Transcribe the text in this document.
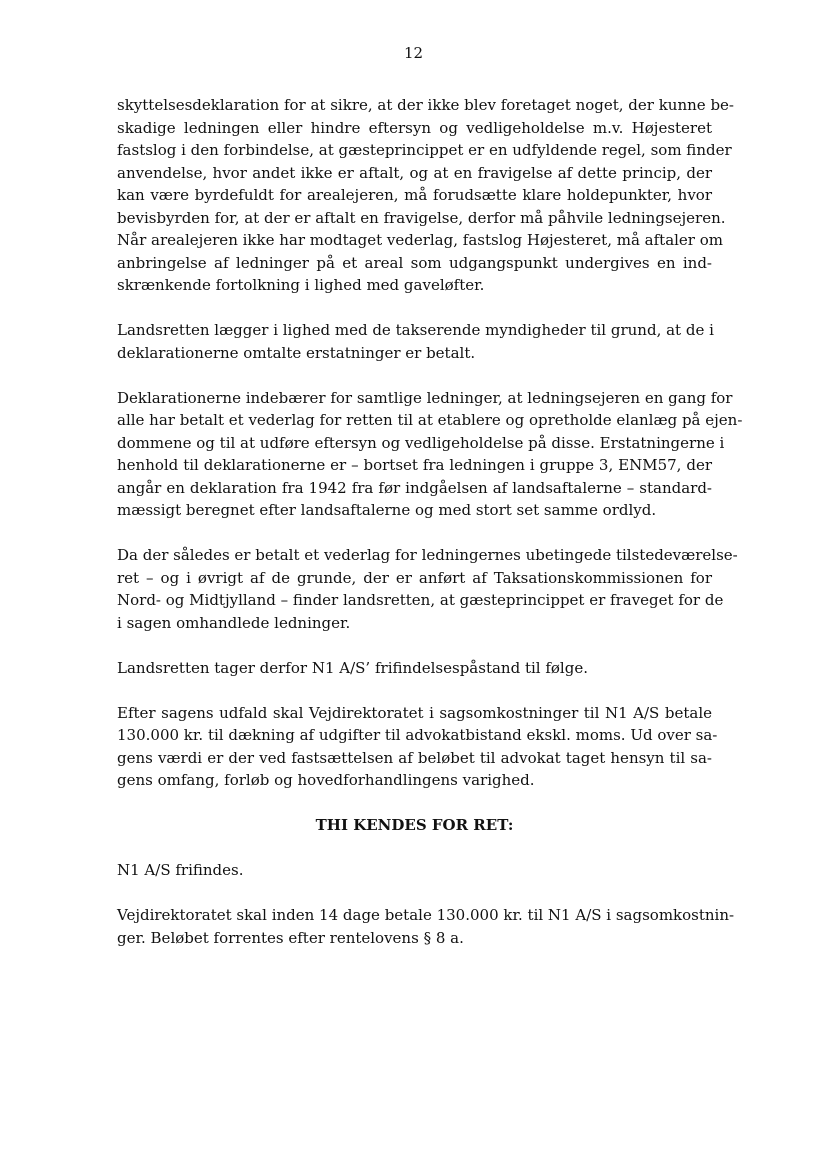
12
skyttelsesdeklaration for at sikre, at der ikke blev foretaget noget, der kunne be-
skadige ledningen eller hindre eftersyn og vedligeholdelse m.v. Højesteret
fastslog i den forbindelse, at gæsteprincippet er en udfyldende regel, som finder
anvendelse, hvor andet ikke er aftalt, og at en fravigelse af dette princip, der
kan være byrdefuldt for arealejeren, må forudsætte klare holdepunkter, hvor
bevisbyrden for, at der er aftalt en fravigelse, derfor må påhvile ledningsejeren.
Når arealejeren ikke har modtaget vederlag, fastslog Højesteret, må aftaler om
anbringelse af ledninger på et areal som udgangspunkt undergives en ind-
skrænkende fortolkning i lighed med gaveløfter.
Landsretten lægger i lighed med de takserende myndigheder til grund, at de i
deklarationerne omtalte erstatninger er betalt.
Deklarationerne indebærer for samtlige ledninger, at ledningsejeren en gang for
alle har betalt et vederlag for retten til at etablere og opretholde elanlæg på ejen-
dommene og til at udføre eftersyn og vedligeholdelse på disse. Erstatningerne i
henhold til deklarationerne er – bortset fra ledningen i gruppe 3, ENM57, der
angår en deklaration fra 1942 fra før indgåelsen af landsaftalerne – standard-
mæssigt beregnet efter landsaftalerne og med stort set samme ordlyd.
Da der således er betalt et vederlag for ledningernes ubetingede tilstedeværelse-
ret – og i øvrigt af de grunde, der er anført af Taksationskommissionen for
Nord- og Midtjylland – finder landsretten, at gæsteprincippet er fraveget for de
i sagen omhandlede ledninger.
Landsretten tager derfor N1 A/S’ frifindelsespåstand til følge.
Efter sagens udfald skal Vejdirektoratet i sagsomkostninger til N1 A/S betale
130.000 kr. til dækning af udgifter til advokatbistand ekskl. moms. Ud over sa-
gens værdi er der ved fastsættelsen af beløbet til advokat taget hensyn til sa-
gens omfang, forløb og hovedforhandlingens varighed.
THI KENDES FOR RET:
N1 A/S frifindes.
Vejdirektoratet skal inden 14 dage betale 130.000 kr. til N1 A/S i sagsomkostnin-
ger. Beløbet forrentes efter rentelovens § 8 a.
